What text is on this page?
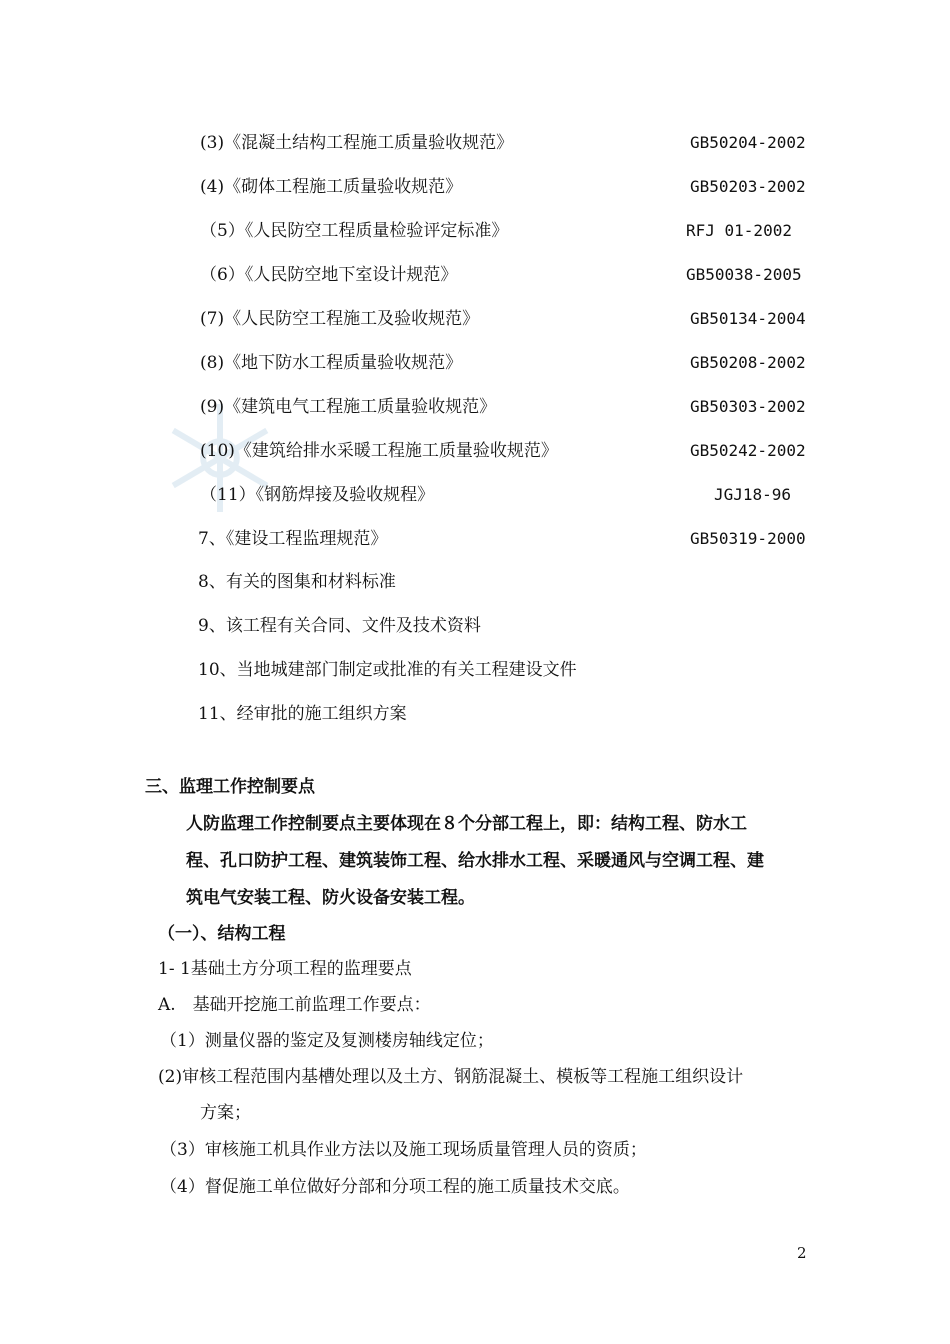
(3)《混凝土结构工程施工质量验收规范》	GB50204-2002
(4)《砌体工程施工质量验收规范》	GB50203-2002
（5）《人民防空工程质量检验评定标准》	RFJ 01-2002
（6）《人民防空地下室设计规范》	GB50038-2005
(7)《人民防空工程施工及验收规范》	GB50134-2004
(8)《地下防水工程质量验收规范》	GB50208-2002
(9)《建筑电气工程施工质量验收规范》	GB50303-2002
(10)《建筑给排水采暖工程施工质量验收规范》	GB50242-2002
（11）《钢筋焊接及验收规程》	JGJ18-96
7、《建设工程监理规范》	GB50319-2000
8、有关的图集和材料标准
9、该工程有关合同、文件及技术资料
10、当地城建部门制定或批准的有关工程建设文件
11、经审批的施工组织方案
三、监理工作控制要点
人防监理工作控制要点主要体现在８个分部工程上，即：结构工程、防水工
程、孔口防护工程、建筑装饰工程、给水排水工程、采暖通风与空调工程、建
筑电气安装工程、防火设备安装工程。
（一）、结构工程
1- 1基础土方分项工程的监理要点
A.　基础开挖施工前监理工作要点：
（1）测量仪器的鉴定及复测楼房轴线定位；
(2)审核工程范围内基槽处理以及土方、钢筋混凝土、模板等工程施工组织设计
方案；
（3）审核施工机具作业方法以及施工现场质量管理人员的资质；
（4）督促施工单位做好分部和分项工程的施工质量技术交底。
2
